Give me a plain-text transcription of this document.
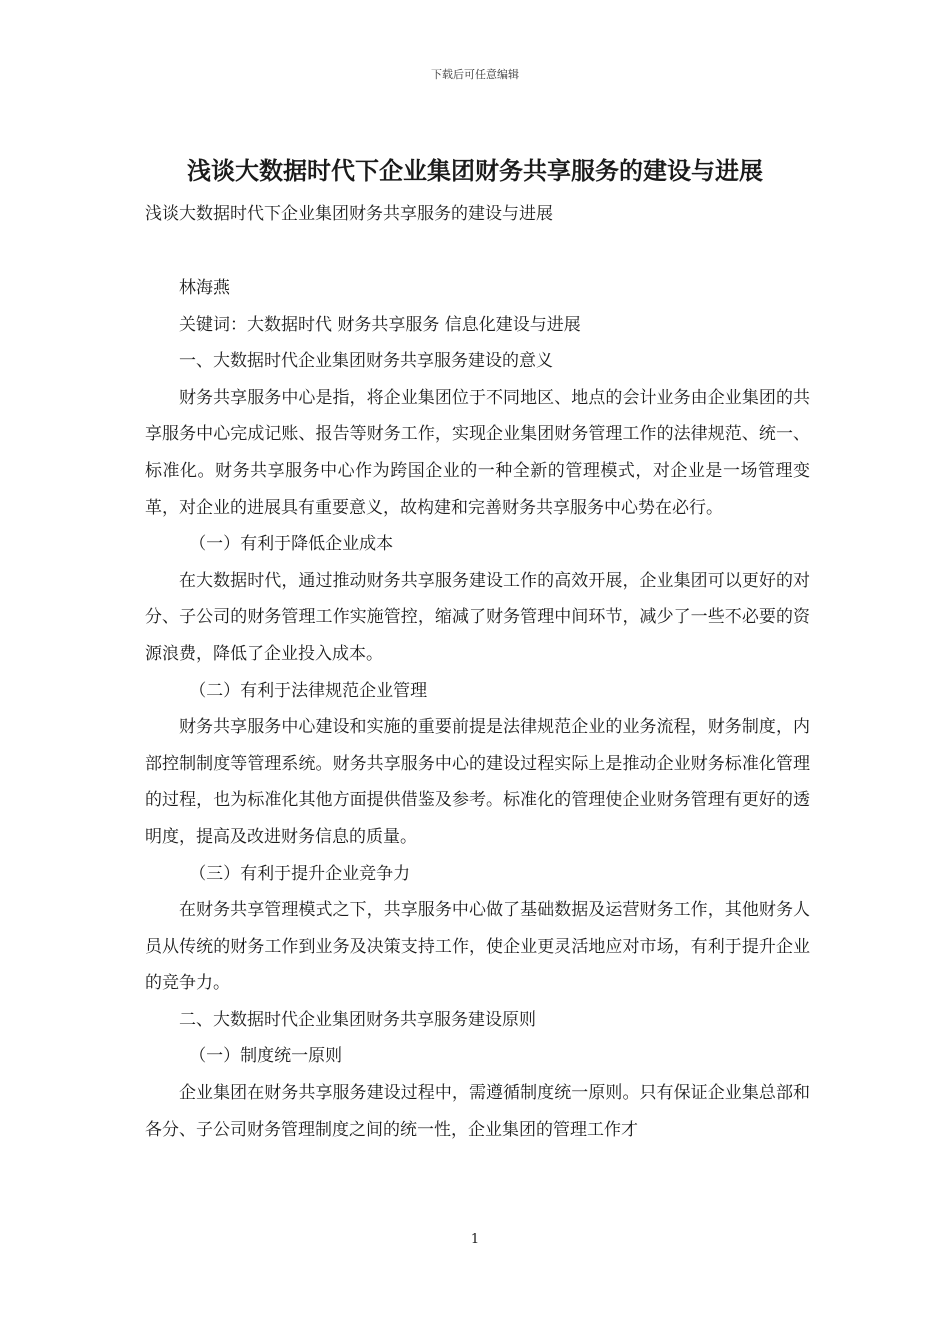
下载后可任意编辑
浅谈大数据时代下企业集团财务共享服务的建设与进展
浅谈大数据时代下企业集团财务共享服务的建设与进展

林海燕

关键词：大数据时代 财务共享服务 信息化建设与进展

一、大数据时代企业集团财务共享服务建设的意义

财务共享服务中心是指，将企业集团位于不同地区、地点的会计业务由企业集团的共享服务中心完成记账、报告等财务工作，实现企业集团财务管理工作的法律规范、统一、标准化。财务共享服务中心作为跨国企业的一种全新的管理模式，对企业是一场管理变革，对企业的进展具有重要意义，故构建和完善财务共享服务中心势在必行。

（一）有利于降低企业成本

在大数据时代，通过推动财务共享服务建设工作的高效开展，企业集团可以更好的对分、子公司的财务管理工作实施管控，缩减了财务管理中间环节，减少了一些不必要的资源浪费，降低了企业投入成本。

（二）有利于法律规范企业管理

财务共享服务中心建设和实施的重要前提是法律规范企业的业务流程，财务制度，内部控制制度等管理系统。财务共享服务中心的建设过程实际上是推动企业财务标准化管理的过程，也为标准化其他方面提供借鉴及参考。标准化的管理使企业财务管理有更好的透明度，提高及改进财务信息的质量。

（三）有利于提升企业竞争力

在财务共享管理模式之下，共享服务中心做了基础数据及运营财务工作，其他财务人员从传统的财务工作到业务及决策支持工作，使企业更灵活地应对市场，有利于提升企业的竞争力。

二、大数据时代企业集团财务共享服务建设原则

（一）制度统一原则

企业集团在财务共享服务建设过程中，需遵循制度统一原则。只有保证企业集总部和各分、子公司财务管理制度之间的统一性，企业集团的管理工作才

1
